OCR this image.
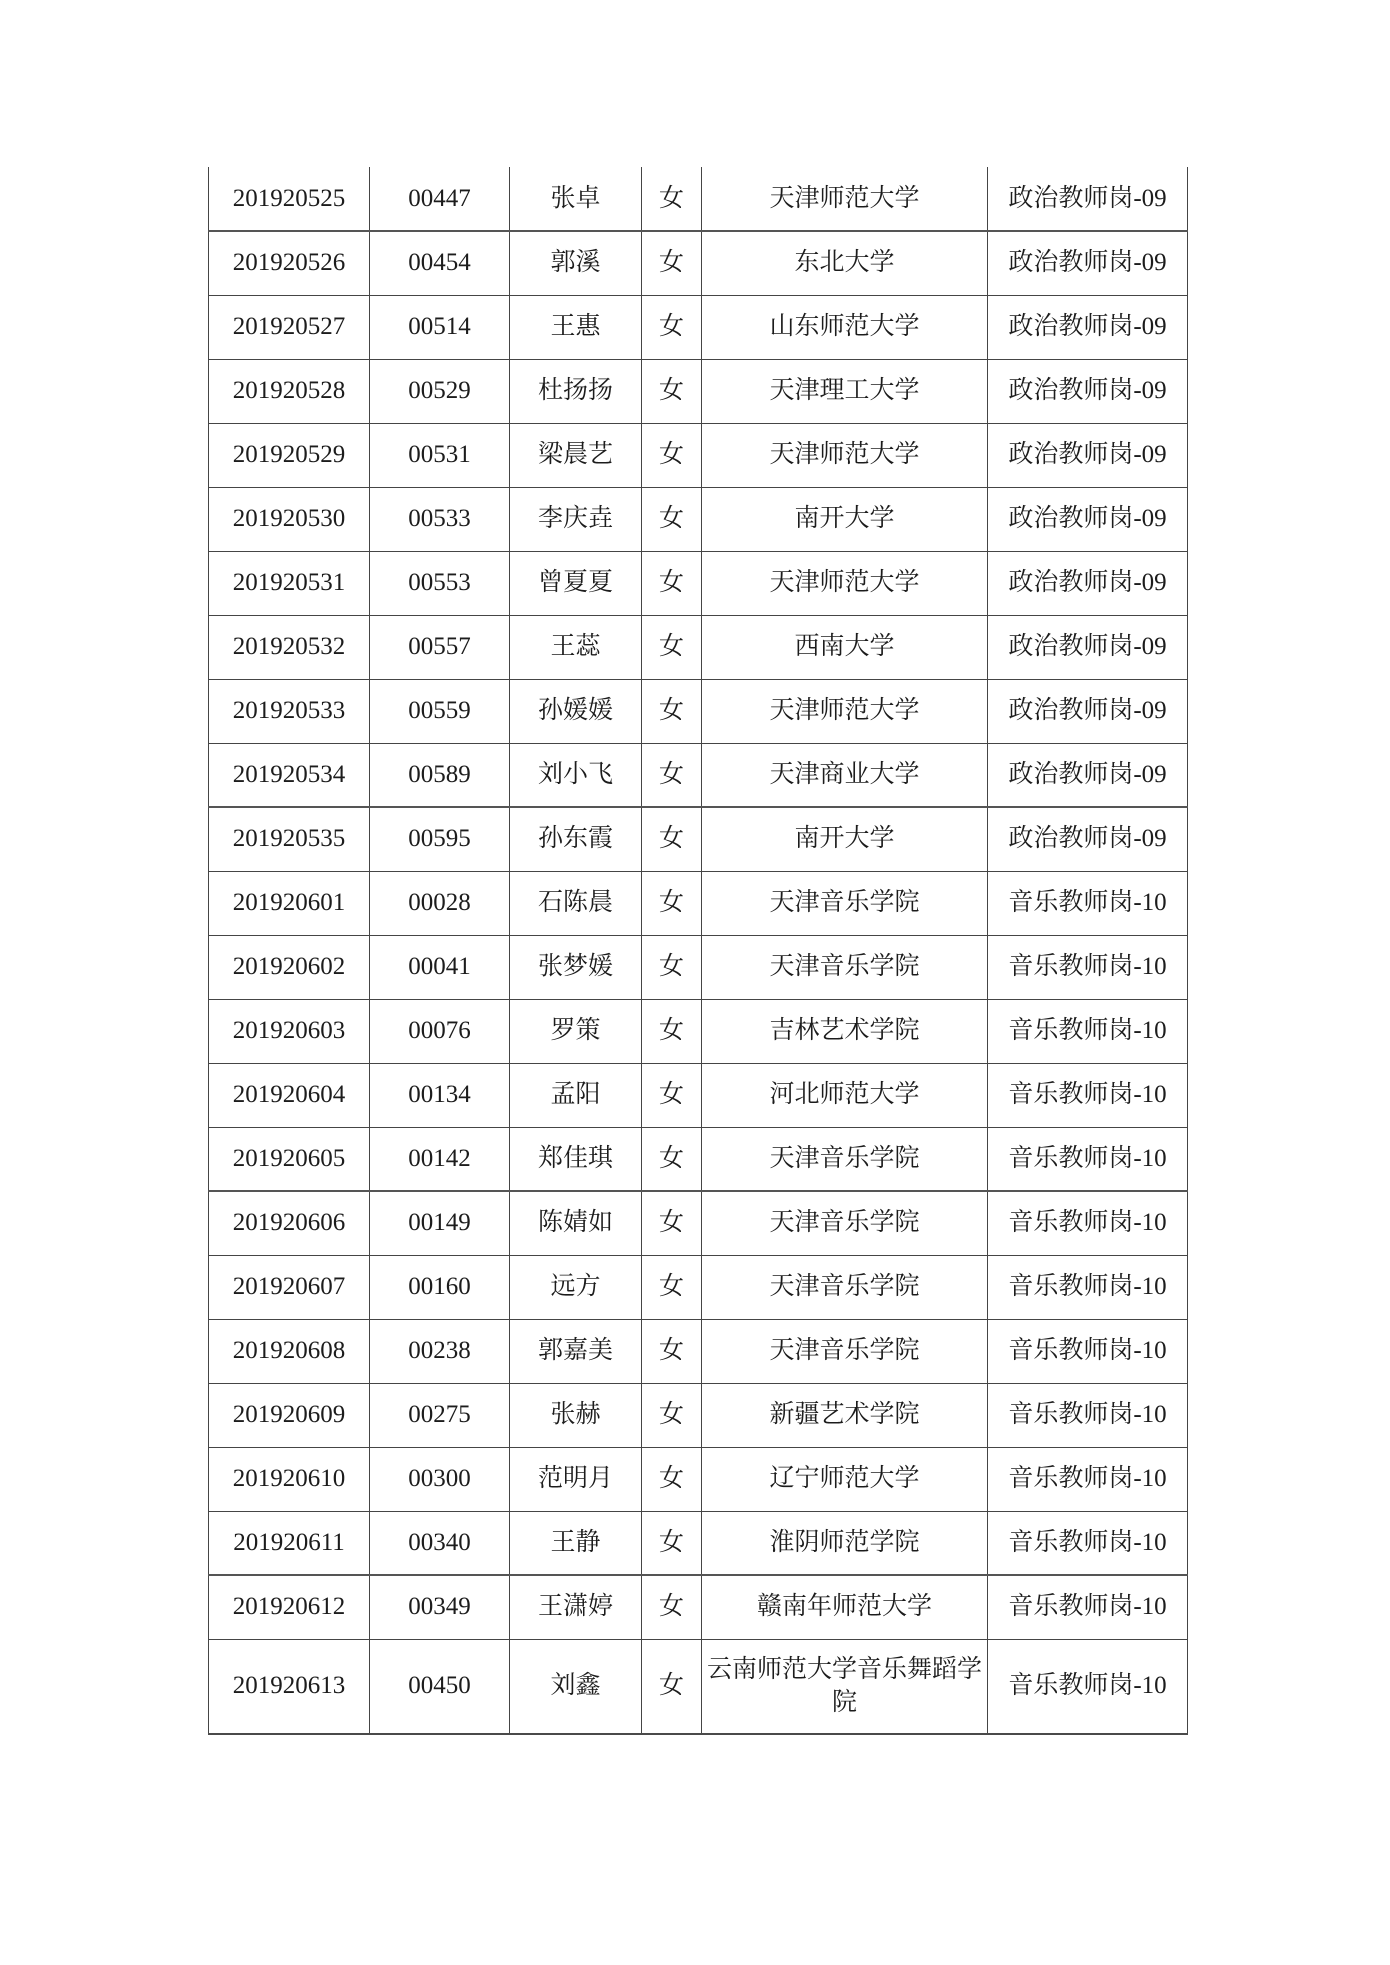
201920525	00447	张卓	女	天津师范大学	政治教师岗-09
201920526	00454	郭溪	女	东北大学	政治教师岗-09
201920527	00514	王惠	女	山东师范大学	政治教师岗-09
201920528	00529	杜扬扬	女	天津理工大学	政治教师岗-09
201920529	00531	梁晨艺	女	天津师范大学	政治教师岗-09
201920530	00533	李庆垚	女	南开大学	政治教师岗-09
201920531	00553	曾夏夏	女	天津师范大学	政治教师岗-09
201920532	00557	王蕊	女	西南大学	政治教师岗-09
201920533	00559	孙媛媛	女	天津师范大学	政治教师岗-09
201920534	00589	刘小飞	女	天津商业大学	政治教师岗-09
201920535	00595	孙东霞	女	南开大学	政治教师岗-09
201920601	00028	石陈晨	女	天津音乐学院	音乐教师岗-10
201920602	00041	张梦媛	女	天津音乐学院	音乐教师岗-10
201920603	00076	罗策	女	吉林艺术学院	音乐教师岗-10
201920604	00134	孟阳	女	河北师范大学	音乐教师岗-10
201920605	00142	郑佳琪	女	天津音乐学院	音乐教师岗-10
201920606	00149	陈婧如	女	天津音乐学院	音乐教师岗-10
201920607	00160	远方	女	天津音乐学院	音乐教师岗-10
201920608	00238	郭嘉美	女	天津音乐学院	音乐教师岗-10
201920609	00275	张赫	女	新疆艺术学院	音乐教师岗-10
201920610	00300	范明月	女	辽宁师范大学	音乐教师岗-10
201920611	00340	王静	女	淮阴师范学院	音乐教师岗-10
201920612	00349	王潇婷	女	赣南年师范大学	音乐教师岗-10
201920613	00450	刘鑫	女	云南师范大学音乐舞蹈学院	音乐教师岗-10
